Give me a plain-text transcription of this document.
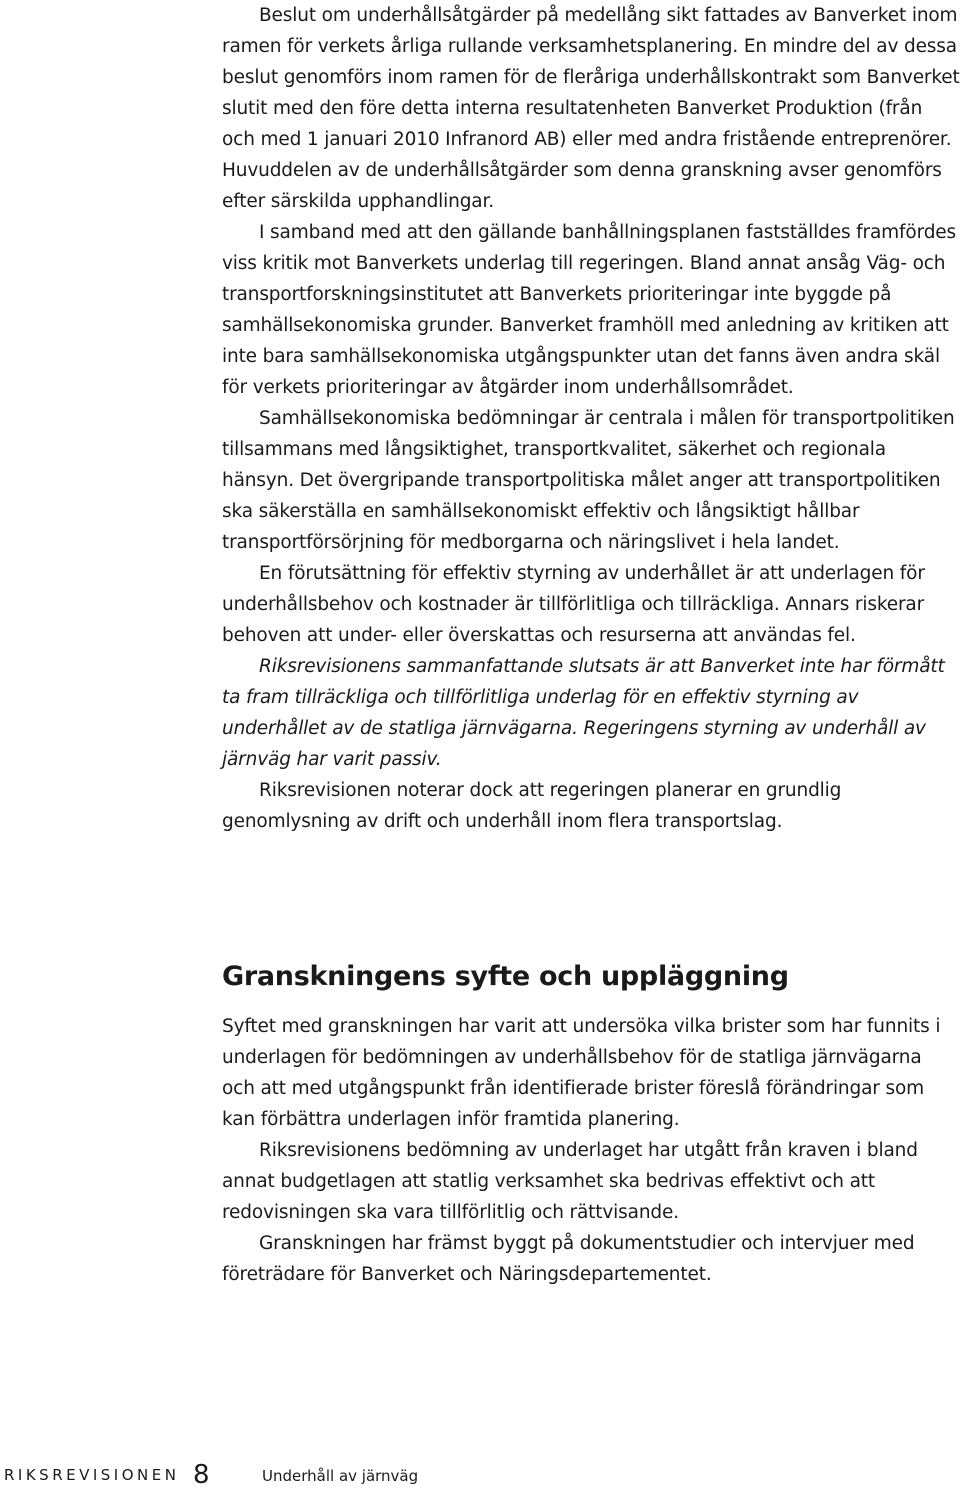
Beslut om underhållsåtgärder på medellång sikt fattades av Banverket inom ramen för verkets årliga rullande verksamhetsplanering. En mindre del av dessa beslut genomförs inom ramen för de fleråriga underhållskontrakt som Banverket slutit med den före detta interna resultatenheten Banverket Produktion (från och med 1 januari 2010 Infranord AB) eller med andra fristående entreprenörer. Huvuddelen av de underhållsåtgärder som denna granskning avser genomförs efter särskilda upphandlingar.

I samband med att den gällande banhållningsplanen fastställdes framfördes viss kritik mot Banverkets underlag till regeringen. Bland annat ansåg Väg- och transportforskningsinstitutet att Banverkets prioriteringar inte byggde på samhällsekonomiska grunder. Banverket framhöll med anledning av kritiken att inte bara samhällsekonomiska utgångspunkter utan det fanns även andra skäl för verkets prioriteringar av åtgärder inom underhållsområdet.

Samhällsekonomiska bedömningar är centrala i målen för transportpolitiken tillsammans med långsiktighet, transportkvalitet, säkerhet och regionala hänsyn. Det övergripande transportpolitiska målet anger att transportpolitiken ska säkerställa en samhällsekonomiskt effektiv och långsiktigt hållbar transportförsörjning för medborgarna och näringslivet i hela landet.

En förutsättning för effektiv styrning av underhållet är att underlagen för underhållsbehov och kostnader är tillförlitliga och tillräckliga. Annars riskerar behoven att under- eller överskattas och resurserna att användas fel.

Riksrevisionens sammanfattande slutsats är att Banverket inte har förmått ta fram tillräckliga och tillförlitliga underlag för en effektiv styrning av underhållet av de statliga järnvägarna. Regeringens styrning av underhåll av järnväg har varit passiv.

Riksrevisionen noterar dock att regeringen planerar en grundlig genomlysning av drift och underhåll inom flera transportslag.

Granskningens syfte och uppläggning

Syftet med granskningen har varit att undersöka vilka brister som har funnits i underlagen för bedömningen av underhållsbehov för de statliga järnvägarna och att med utgångspunkt från identifierade brister föreslå förändringar som kan förbättra underlagen inför framtida planering.

Riksrevisionens bedömning av underlaget har utgått från kraven i bland annat budgetlagen att statlig verksamhet ska bedrivas effektivt och att redovisningen ska vara tillförlitlig och rättvisande.

Granskningen har främst byggt på dokumentstudier och intervjuer med företrädare för Banverket och Näringsdepartementet.

RIKSREVISIONEN 8	Underhåll av järnväg
